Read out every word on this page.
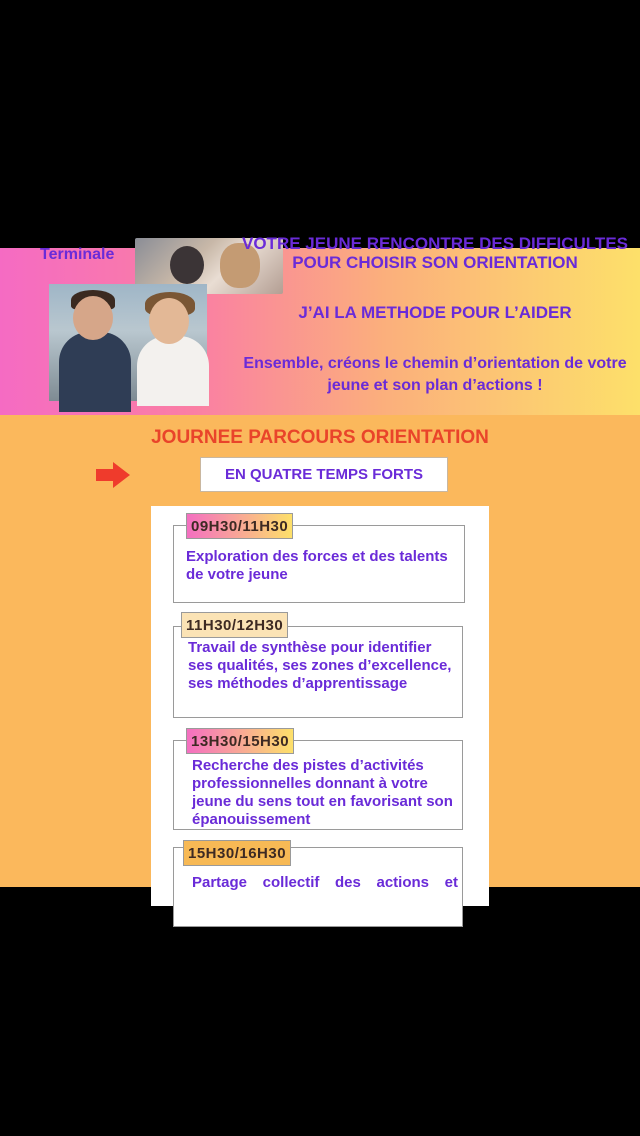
Terminale
VOTRE JEUNE RENCONTRE DES DIFFICULTES POUR CHOISIR SON ORIENTATION
J’AI LA METHODE POUR L’AIDER
Ensemble, créons le chemin d’orientation de votre jeune et son plan d’actions !
JOURNEE PARCOURS ORIENTATION
EN QUATRE TEMPS FORTS
Exploration des forces et des talents de votre jeune
09H30/11H30
Travail de synthèse pour identifier ses qualités, ses zones d’excellence, ses méthodes d’apprentissage
11H30/12H30
Recherche des pistes d’activités professionnelles donnant à votre jeune du sens tout en favorisant son épanouissement
13H30/15H30
Partage collectif des actions et
15H30/16H30
